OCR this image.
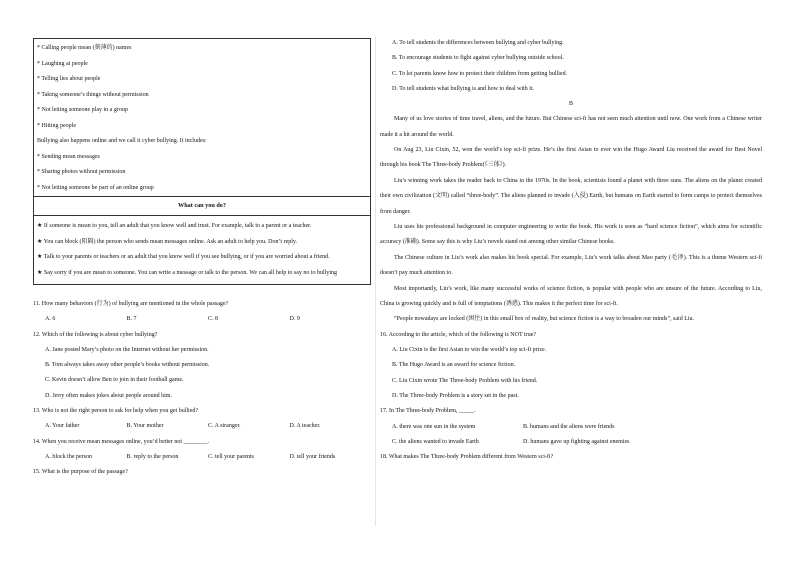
* Calling people mean (刻薄的) names
* Laughing at people
* Telling lies about people
* Taking someone’s things without permission
* Not letting someone play in a group
* Hitting people
Bullying also happens online and we call it cyber bullying. It includes:
* Sending mean messages
* Sharing photos without permission
* Not letting someone be part of an online group
What can you do?
★ If someone is mean to you, tell an adult that you know well and trust. For example, talk to a parent or a teacher.
★ You can block (阻隔) the person who sends mean messages online. Ask an adult to help you. Don’t reply.
★ Talk to your parents or teachers or an adult that you know well if you see bullying, or if you are worried about a friend.
★ Say sorry if you are mean to someone. You can write a message or talk to the person. We can all help to say no to bullying
11. How many behaviors (行为) of bullying are mentioned in the whole passage?
A. 6	B. 7	C. 8	D. 9
12. Which of the following is about cyber bullying?
A. Jane posted Mary’s photo on the Internet without her permission.
B. Tom always takes away other people’s books without permission.
C. Kevin doesn’t allow Ben to join in their football game.
D. Jerry often makes jokes about people around him.
13. Who is not the right person to ask for help when you get bullied?
A. Your father	B. Your mother	C. A stranger.	D. A teacher.
14. When you receive mean messages online, you’d better not ________.
A. block the person	B. reply to the person	C. tell your parents	D. tell your friends
15. What is the purpose of the passage?
A. To tell students the differences between bullying and cyber bullying.
B. To encourage students to fight against cyber bullying outside school.
C. To let parents know how to protect their children from getting bullied.
D. To tell students what bullying is and how to deal with it.
B
Many of us love stories of time travel, aliens, and the future. But Chinese sci-fi has not seen much attention until now. One work from a Chinese writer made it a hit around the world.
On Aug 23, Liu Cixin, 52, won the world’s top sci-fi prize. He’s the first Asian to ever win the Hugo Award Liu received the award for Best Novel through his book The Three-body Problem(《三体》).
Liu’s winning work takes the reader back to China in the 1970s. In the book, scientists found a planet with three suns. The aliens on the planet created their own civilization (文明) called “three-body”. The aliens planned to invade (入侵) Earth, but humans on Earth started to form camps to protect themselves from danger.
Liu uses his professional background in computer engineering to write the book. His work is seen as “hard science fiction”, which aims for scientific accuracy (准确). Some say this is why Liu’s novels stand out among other similar Chinese books.
The Chinese culture in Liu’s work also makes his book special. For example, Liu’s work talks about Mao party (毛泽). This is a theme Western sci-fi doesn’t pay much attention to.
Most importantly, Liu’s work, like many successful works of science fiction, is popular with people who are unsure of the future. According to Liu, China is growing quickly and is full of temptations (诱惑). This makes it the perfect time for sci-fi.
“People nowadays are locked (困住) in this small box of reality, but science fiction is a way to broaden our minds”, said Liu.
16. According to the article, which of the following is NOT true?
A. Liu Cixin is the first Asian to win the world’s top sci-fi prize.
B. The Hugo Award is an award for science fiction.
C. Liu Cixin wrote The Three-body Problem with his friend.
D. The Three-body Problem is a story set in the past.
17. In The Three-body Problem, _____.
A. there was one sun in the system	B. humans and the aliens were friends
C. the aliens wanted to invade Earth	D. humans gave up fighting against enemies
18. What makes The Three-body Problem different from Western sci-fi?
